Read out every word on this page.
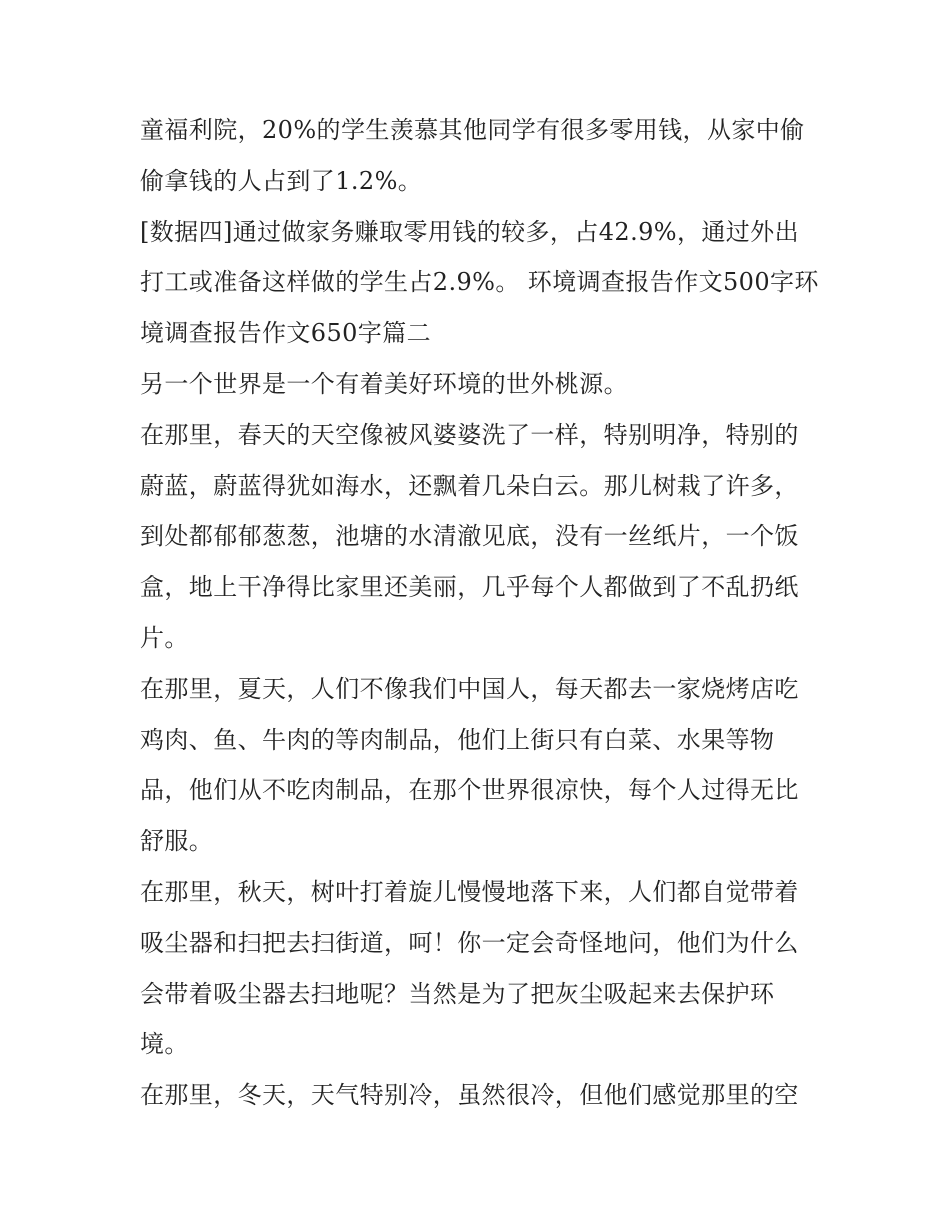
童福利院，20%的学生羡慕其他同学有很多零用钱，从家中偷偷拿钱的人占到了1.2%。

[数据四]通过做家务赚取零用钱的较多，占42.9%，通过外出打工或准备这样做的学生占2.9%。 环境调查报告作文500字环境调查报告作文650字篇二

另一个世界是一个有着美好环境的世外桃源。

在那里，春天的天空像被风婆婆洗了一样，特别明净，特别的蔚蓝，蔚蓝得犹如海水，还飘着几朵白云。那儿树栽了许多，到处都郁郁葱葱，池塘的水清澈见底，没有一丝纸片，一个饭盒，地上干净得比家里还美丽，几乎每个人都做到了不乱扔纸片。

在那里，夏天，人们不像我们中国人，每天都去一家烧烤店吃鸡肉、鱼、牛肉的等肉制品，他们上街只有白菜、水果等物品，他们从不吃肉制品，在那个世界很凉快，每个人过得无比舒服。

在那里，秋天，树叶打着旋儿慢慢地落下来，人们都自觉带着吸尘器和扫把去扫街道，呵！你一定会奇怪地问，他们为什么会带着吸尘器去扫地呢？当然是为了把灰尘吸起来去保护环境。

在那里，冬天，天气特别冷，虽然很冷，但他们感觉那里的空
